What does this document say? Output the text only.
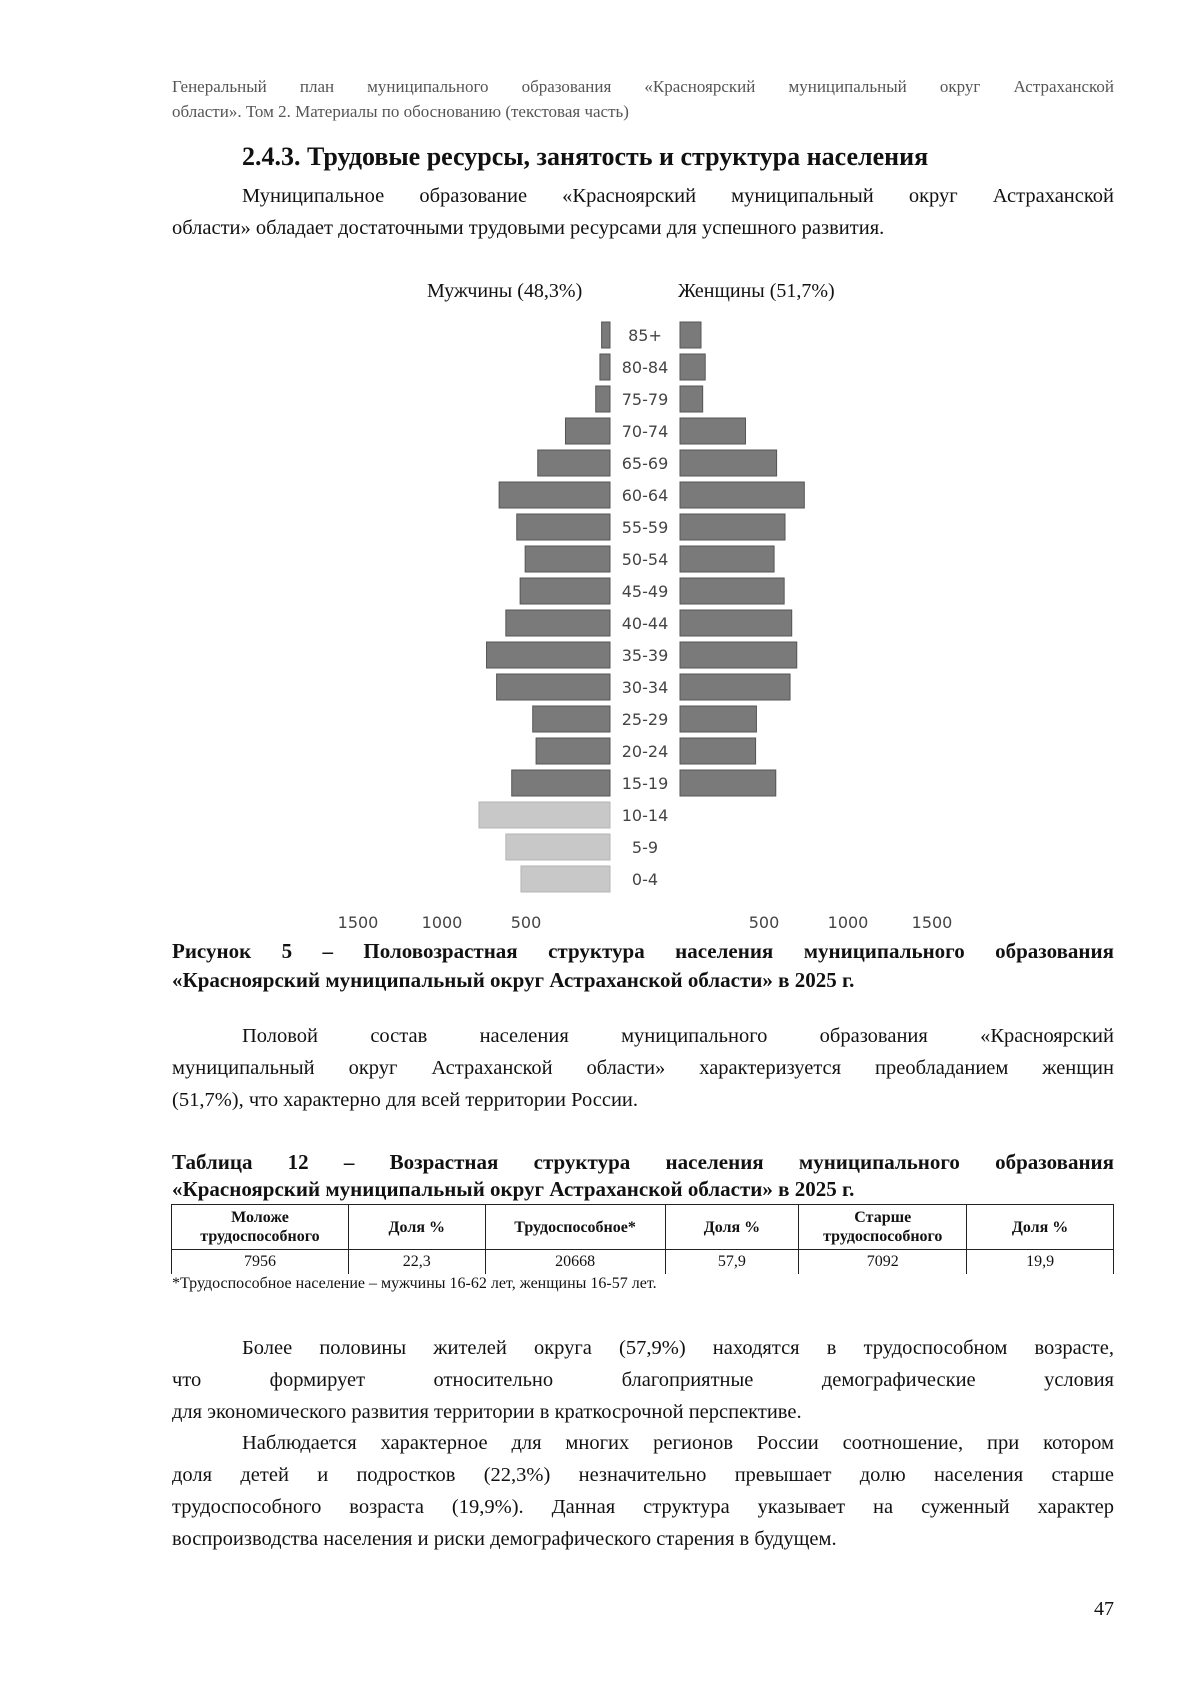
Генеральный план муниципального образования «Красноярский муниципальный округ Астраханской
области». Том 2. Материалы по обоснованию (текстовая часть)
2.4.3. Трудовые ресурсы, занятость и структура населения
Муниципальное образование «Красноярский муниципальный округ Астраханской
области» обладает достаточными трудовыми ресурсами для успешного развития.
Мужчины (48,3%)	Женщины (51,7%)
85+
80-84
75-79
70-74
65-69
60-64
55-59
50-54
45-49
40-44
35-39
30-34
25-29
20-24
15-19
10-14
5-9
0-4
1500	1000	500	500	1000	1500
Рисунок 5 – Половозрастная структура населения муниципального образования
«Красноярский муниципальный округ Астраханской области» в 2025 г.
Половой состав населения муниципального образования «Красноярский
муниципальный округ Астраханской области» характеризуется преобладанием женщин
(51,7%), что характерно для всей территории России.
Таблица 12 – Возрастная структура населения муниципального образования
«Красноярский муниципальный округ Астраханской области» в 2025 г.
Моложе трудоспособного	Доля %	Трудоспособное*	Доля %	Старше трудоспособного	Доля %
7956	22,3	20668	57,9	7092	19,9
*Трудоспособное население – мужчины 16-62 лет, женщины 16-57 лет.
Более половины жителей округа (57,9%) находятся в трудоспособном возрасте,
что формирует относительно благоприятные демографические условия
для экономического развития территории в краткосрочной перспективе.
Наблюдается характерное для многих регионов России соотношение, при котором
доля детей и подростков (22,3%) незначительно превышает долю населения старше
трудоспособного возраста (19,9%). Данная структура указывает на суженный характер
воспроизводства населения и риски демографического старения в будущем.
47
